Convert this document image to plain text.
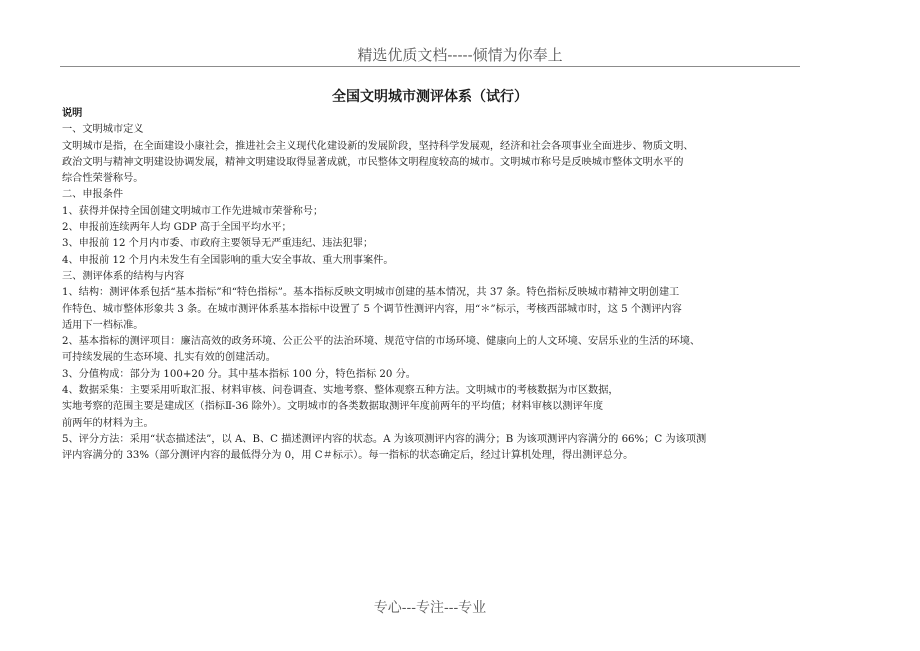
精选优质文档-----倾情为你奉上
全国文明城市测评体系（试行）

说明

一、文明城市定义

文明城市是指，在全面建设小康社会，推进社会主义现代化建设新的发展阶段，坚持科学发展观，经济和社会各项事业全面进步、物质文明、

政治文明与精神文明建设协调发展，精神文明建设取得显著成就，市民整体文明程度较高的城市。文明城市称号是反映城市整体文明水平的

综合性荣誉称号。

二、申报条件

1、获得并保持全国创建文明城市工作先进城市荣誉称号；

2、申报前连续两年人均 GDP 高于全国平均水平；

3、申报前 12 个月内市委、市政府主要领导无严重违纪、违法犯罪；

4、申报前 12 个月内未发生有全国影响的重大安全事故、重大刑事案件。

三、测评体系的结构与内容

1、结构：测评体系包括“基本指标”和“特色指标”。基本指标反映文明城市创建的基本情况，共 37 条。特色指标反映城市精神文明创建工

作特色、城市整体形象共 3 条。在城市测评体系基本指标中设置了 5 个调节性测评内容，用“＊”标示，考核西部城市时，这 5 个测评内容

适用下一档标准。

2、基本指标的测评项目：廉洁高效的政务环境、公正公平的法治环境、规范守信的市场环境、健康向上的人文环境、安居乐业的生活的环境、

可持续发展的生态环境、扎实有效的创建活动。

3、分值构成：部分为 100+20 分。其中基本指标 100 分，特色指标 20 分。

4、数据采集：主要采用听取汇报、材料审核、问卷调查、实地考察、整体观察五种方法。文明城市的考核数据为市区数据，

实地考察的范围主要是建成区（指标Ⅱ-36 除外）。文明城市的各类数据取测评年度前两年的平均值；材料审核以测评年度

前两年的材料为主。

5、评分方法：采用“状态描述法”，以 A、B、C 描述测评内容的状态。A 为该项测评内容的满分；B 为该项测评内容满分的 66%；C 为该项测

评内容满分的 33%（部分测评内容的最低得分为 0，用 C＃标示）。每一指标的状态确定后，经过计算机处理，得出测评总分。

专心---专注---专业
